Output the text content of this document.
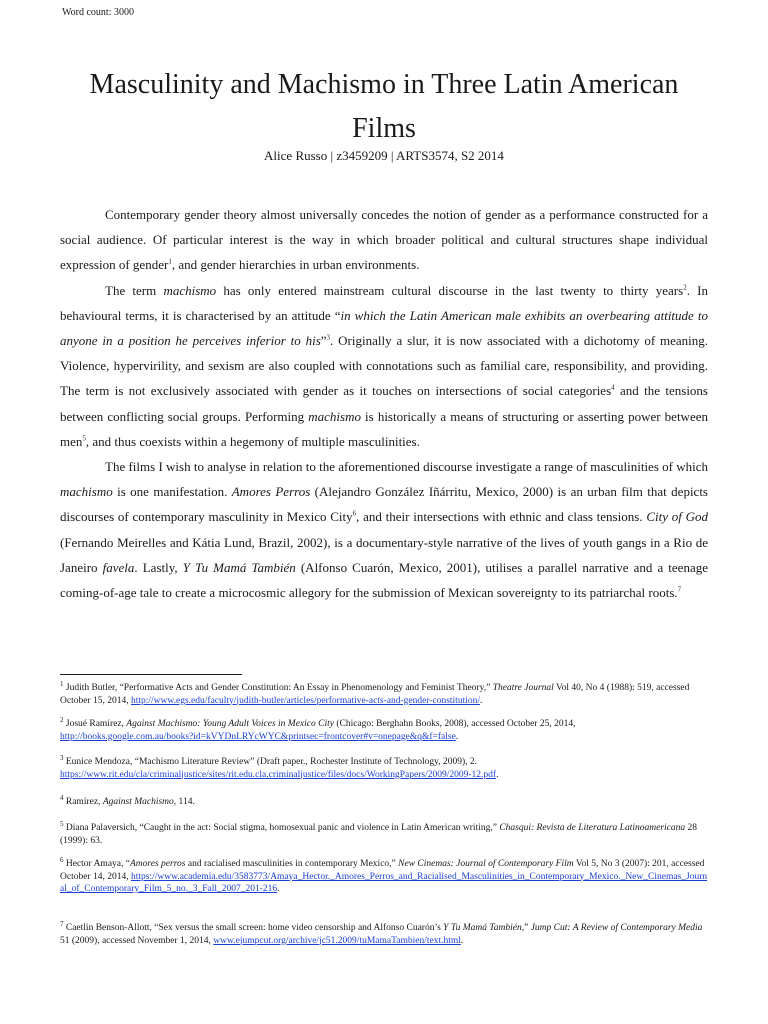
Word count: 3000
Masculinity and Machismo in Three Latin American Films
Alice Russo | z3459209 | ARTS3574, S2 2014

Contemporary gender theory almost universally concedes the notion of gender as a performance constructed for a social audience. Of particular interest is the way in which broader political and cultural structures shape individual expression of gender$^1$, and gender hierarchies in urban environments.

The term machismo has only entered mainstream cultural discourse in the last twenty to thirty years$^2$. In behavioural terms, it is characterised by an attitude “in which the Latin American male exhibits an overbearing attitude to anyone in a position he perceives inferior to his”$^3$. Originally a slur, it is now associated with a dichotomy of meaning. Violence, hypervirility, and sexism are also coupled with connotations such as familial care, responsibility, and providing. The term is not exclusively associated with gender as it touches on intersections of social categories$^4$ and the tensions between conflicting social groups. Performing machismo is historically a means of structuring or asserting power between men$^5$, and thus coexists within a hegemony of multiple masculinities.

The films I wish to analyse in relation to the aforementioned discourse investigate a range of masculinities of which machismo is one manifestation. Amores Perros (Alejandro González Iñárritu, Mexico, 2000) is an urban film that depicts discourses of contemporary masculinity in Mexico City$^6$, and their intersections with ethnic and class tensions. City of God (Fernando Meirelles and Kátia Lund, Brazil, 2002), is a documentary-style narrative of the lives of youth gangs in a Rio de Janeiro favela. Lastly, Y Tu Mamá También (Alfonso Cuarón, Mexico, 2001), utilises a parallel narrative and a teenage coming-of-age tale to create a microcosmic allegory for the submission of Mexican sovereignty to its patriarchal roots.$^7$

$^1$ Judith Butler, “Performative Acts and Gender Constitution: An Essay in Phenomenology and Feminist Theory,” Theatre Journal Vol 40, No 4 (1988): 519, accessed October 15, 2014, http://www.egs.edu/faculty/judith-butler/articles/performative-acts-and-gender-constitution/.
$^2$ Josué Ramírez, Against Machismo: Young Adult Voices in Mexico City (Chicago: Berghahn Books, 2008), accessed October 25, 2014, http://books.google.com.au/books?id=kVYDnLRYcWYC&printsec=frontcover#v=onepage&q&f=false.
$^3$ Eunice Mendoza, “Machismo Literature Review” (Draft paper., Rochester Institute of Technology, 2009), 2. https://www.rit.edu/cla/criminaljustice/sites/rit.edu.cla.criminaljustice/files/docs/WorkingPapers/2009/2009-12.pdf.
$^4$ Ramírez, Against Machismo, 114.
$^5$ Diana Palaversich, “Caught in the act: Social stigma, homosexual panic and violence in Latin American writing,” Chasqui: Revista de Literatura Latinoamericana 28 (1999): 63.
$^6$ Hector Amaya, “Amores perros and racialised masculinities in contemporary Mexico,” New Cinemas: Journal of Contemporary Film Vol 5, No 3 (2007): 201, accessed October 14, 2014, https://www.academia.edu/3583773/Amaya_Hector._Amores_Perros_and_Racialised_Masculinities_in_Contemporary_Mexico._New_Cinemas_Journal_of_Contemporary_Film_5_no._3_Fall_2007_201-216.
$^7$ Caetlin Benson-Allott, “Sex versus the small screen: home video censorship and Alfonso Cuarón’s Y Tu Mamá También,” Jump Cut: A Review of Contemporary Media 51 (2009), accessed November 1, 2014, www.ejumpcut.org/archive/jc51.2009/tuMamaTambien/text.html.
